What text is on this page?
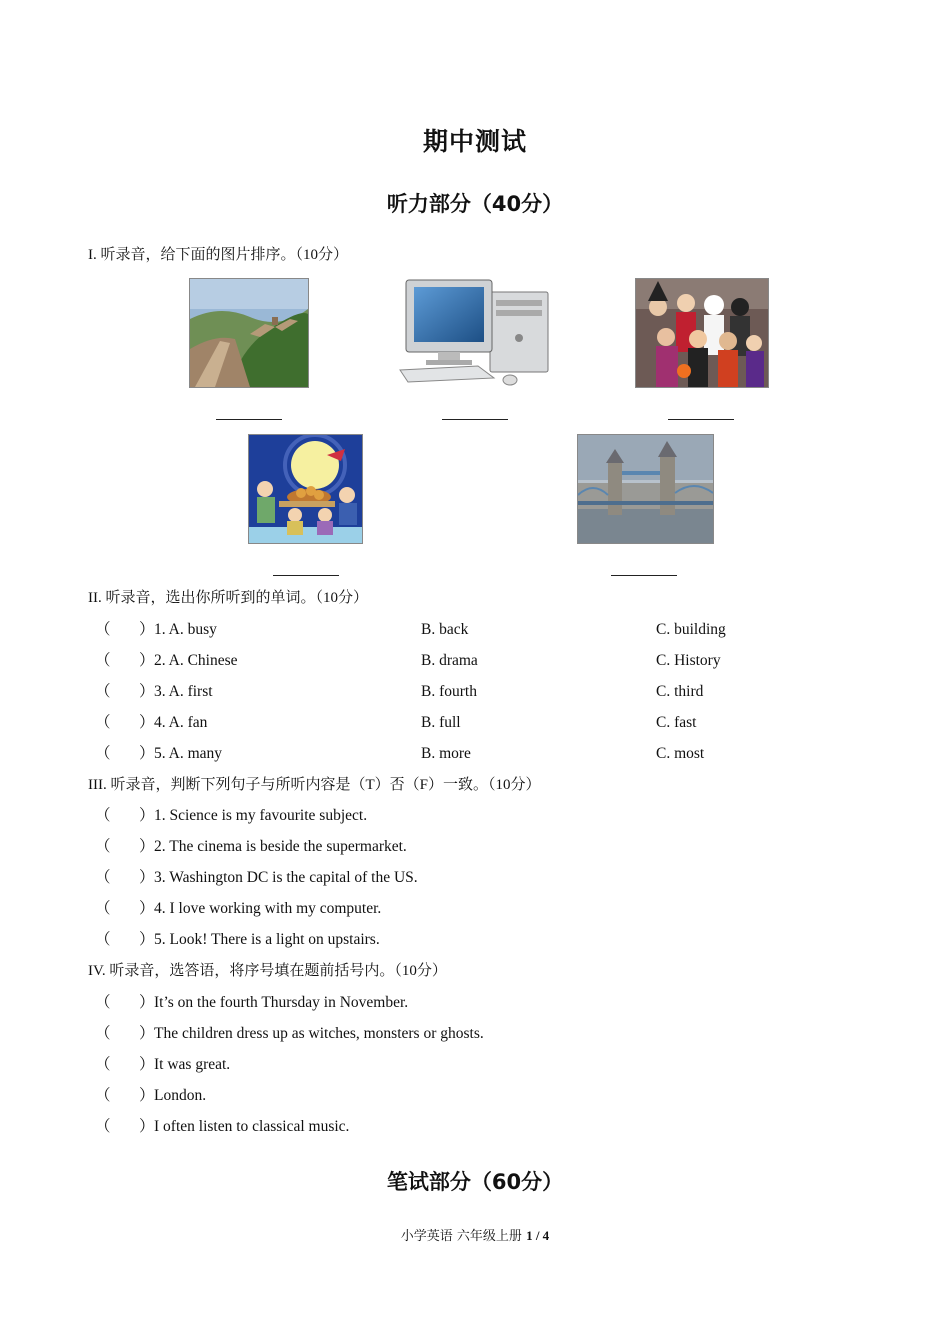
期中测试
听力部分（40分）
I. 听录音，给下面的图片排序。（10分）
II. 听录音，选出你所听到的单词。（10分）
（ ） 1. A. busy	B. back	C. building
（ ） 2. A. Chinese	B. drama	C. History
（ ） 3. A. first	B. fourth	C. third
（ ） 4. A. fan	B. full	C. fast
（ ） 5. A. many	B. more	C. most
III. 听录音，判断下列句子与所听内容是（T）否（F）一致。（10分）
（ ） 1. Science is my favourite subject.
（ ） 2. The cinema is beside the supermarket.
（ ） 3. Washington DC is the capital of the US.
（ ） 4. I love working with my computer.
（ ） 5. Look! There is a light on upstairs.
IV. 听录音，选答语，将序号填在题前括号内。（10分）
（ ） It’s on the fourth Thursday in November.
（ ） The children dress up as witches, monsters or ghosts.
（ ） It was great.
（ ） London.
（ ） I often listen to classical music.
笔试部分（60分）
小学英语 六年级上册 1 / 4
